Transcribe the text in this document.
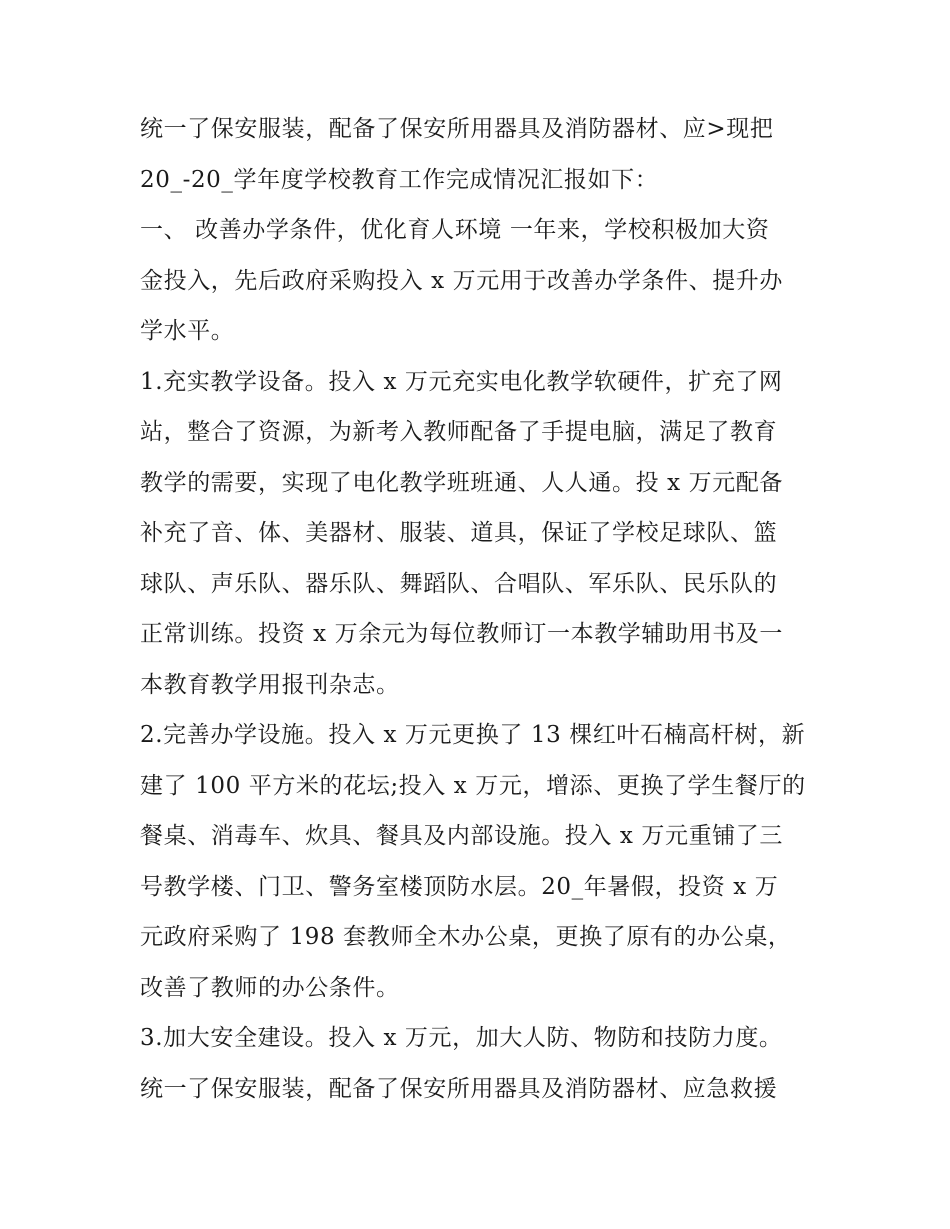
统一了保安服装，配备了保安所用器具及消防器材、应>现把
20_-20_学年度学校教育工作完成情况汇报如下：
一、 改善办学条件，优化育人环境 一年来，学校积极加大资
金投入，先后政府采购投入 x 万元用于改善办学条件、提升办
学水平。
1.充实教学设备。投入 x 万元充实电化教学软硬件，扩充了网
站，整合了资源，为新考入教师配备了手提电脑，满足了教育
教学的需要，实现了电化教学班班通、人人通。投 x 万元配备
补充了音、体、美器材、服装、道具，保证了学校足球队、篮
球队、声乐队、器乐队、舞蹈队、合唱队、军乐队、民乐队的
正常训练。投资 x 万余元为每位教师订一本教学辅助用书及一
本教育教学用报刊杂志。
2.完善办学设施。投入 x 万元更换了 13 棵红叶石楠高杆树，新
建了 100 平方米的花坛;投入 x 万元，增添、更换了学生餐厅的
餐桌、消毒车、炊具、餐具及内部设施。投入 x 万元重铺了三
号教学楼、门卫、警务室楼顶防水层。20_年暑假，投资 x 万
元政府采购了 198 套教师全木办公桌，更换了原有的办公桌，
改善了教师的办公条件。
3.加大安全建设。投入 x 万元，加大人防、物防和技防力度。
统一了保安服装，配备了保安所用器具及消防器材、应急救援
